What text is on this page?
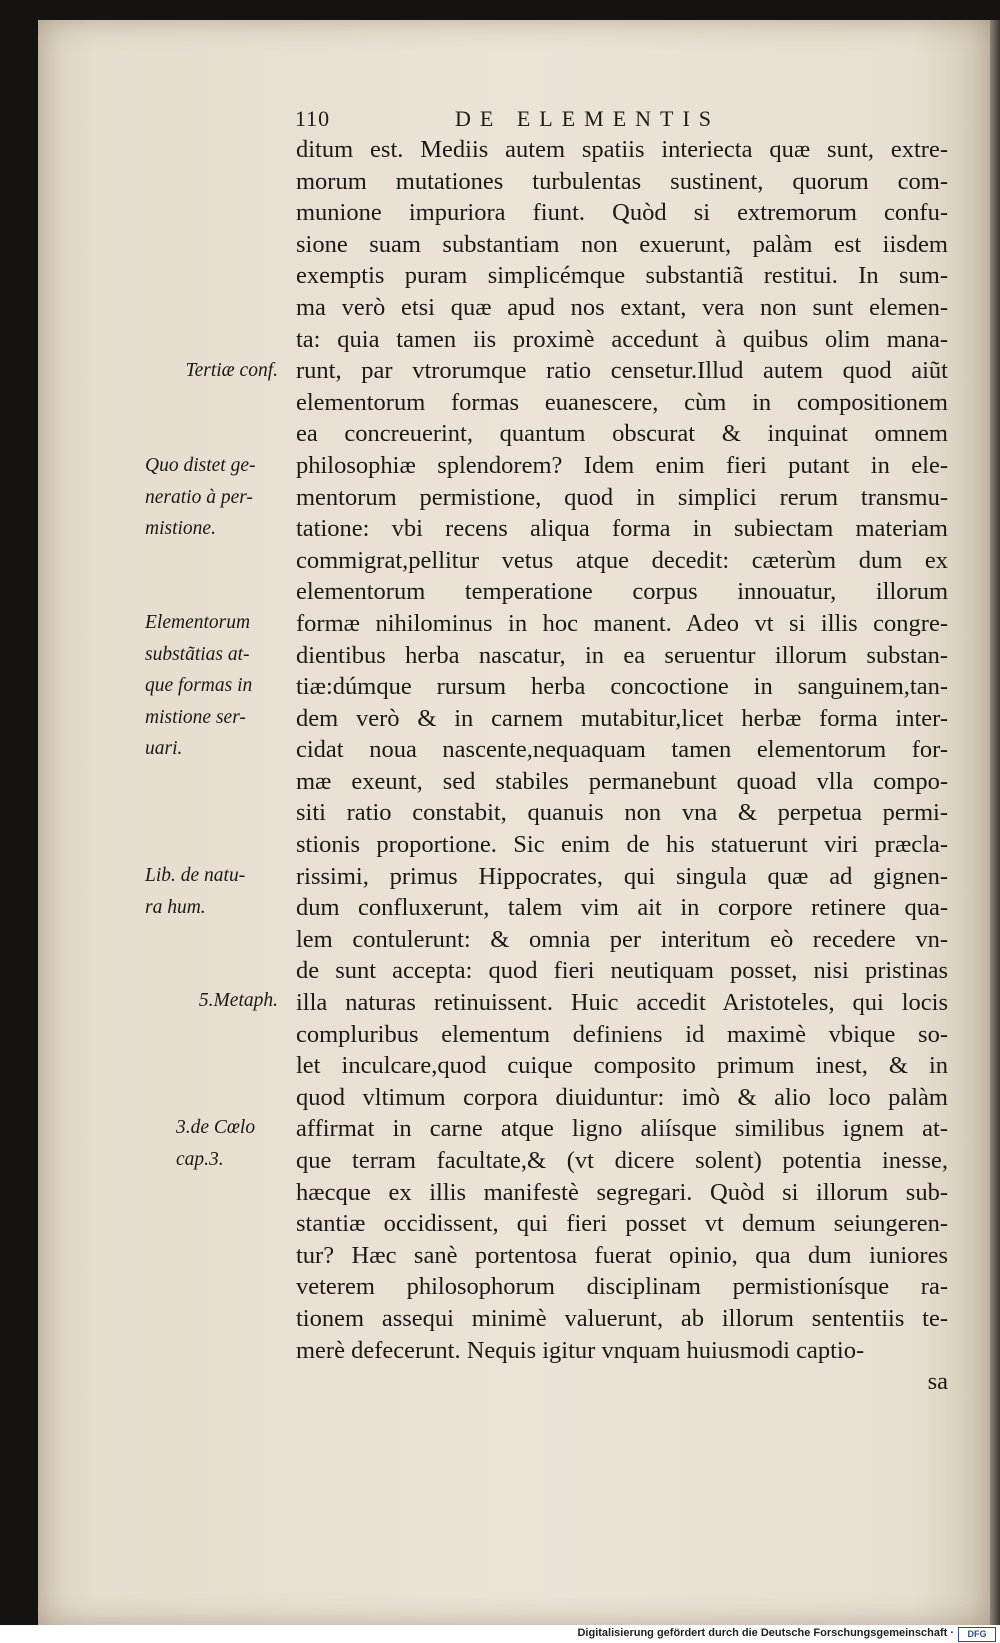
110	DE ELEMENTIS
ditum est. Mediis autem spatiis interiecta quæ sunt, extre-
morum mutationes turbulentas sustinent, quorum com-
munione impuriora fiunt. Quòd si extremorum confu-
sione suam substantiam non exuerunt, palàm est iisdem
exemptis puram simplicémque substantiã restitui. In sum-
ma verò etsi quæ apud nos extant, vera non sunt elemen-
ta: quia tamen iis proximè accedunt à quibus olim mana-
runt, par vtrorumque ratio censetur.Illud autem quod aiũt
elementorum formas euanescere, cùm in compositionem
ea concreuerint, quantum obscurat & inquinat omnem
philosophiæ splendorem? Idem enim fieri putant in ele-
mentorum permistione, quod in simplici rerum transmu-
tatione: vbi recens aliqua forma in subiectam materiam
commigrat,pellitur vetus atque decedit: cæterùm dum ex
elementorum temperatione corpus innouatur, illorum
formæ nihilominus in hoc manent. Adeo vt si illis congre-
dientibus herba nascatur, in ea seruentur illorum substan-
tiæ:dúmque rursum herba concoctione in sanguinem,tan-
dem verò & in carnem mutabitur,licet herbæ forma inter-
cidat noua nascente,nequaquam tamen elementorum for-
mæ exeunt, sed stabiles permanebunt quoad vlla compo-
siti ratio constabit, quanuis non vna & perpetua permi-
stionis proportione. Sic enim de his statuerunt viri præcla-
rissimi, primus Hippocrates, qui singula quæ ad gignen-
dum confluxerunt, talem vim ait in corpore retinere qua-
lem contulerunt: & omnia per interitum eò recedere vn-
de sunt accepta: quod fieri neutiquam posset, nisi pristinas
illa naturas retinuissent. Huic accedit Aristoteles, qui locis
compluribus elementum definiens id maximè vbique so-
let inculcare,quod cuique composito primum inest, & in
quod vltimum corpora diuiduntur: imò & alio loco palàm
affirmat in carne atque ligno aliísque similibus ignem at-
que terram facultate,& (vt dicere solent) potentia inesse,
hæcque ex illis manifestè segregari. Quòd si illorum sub-
stantiæ occidissent, qui fieri posset vt demum seiungeren-
tur? Hæc sanè portentosa fuerat opinio, qua dum iuniores
veterem philosophorum disciplinam permistionísque ra-
tionem assequi minimè valuerunt, ab illorum sententiis te-
merè defecerunt. Nequis igitur vnquam huiusmodi captio-
sa
Tertiæ conf.
Quo distet ge-
neratio à per-
mistione.
Elementorum
substãtias at-
que formas in
mistione ser-
uari.
Lib. de natu-
ra hum.
5.Metaph.
3.de Cœlo
cap.3.
Digitalisierung gefördert durch die Deutsche Forschungsgemeinschaft ·	DFG
